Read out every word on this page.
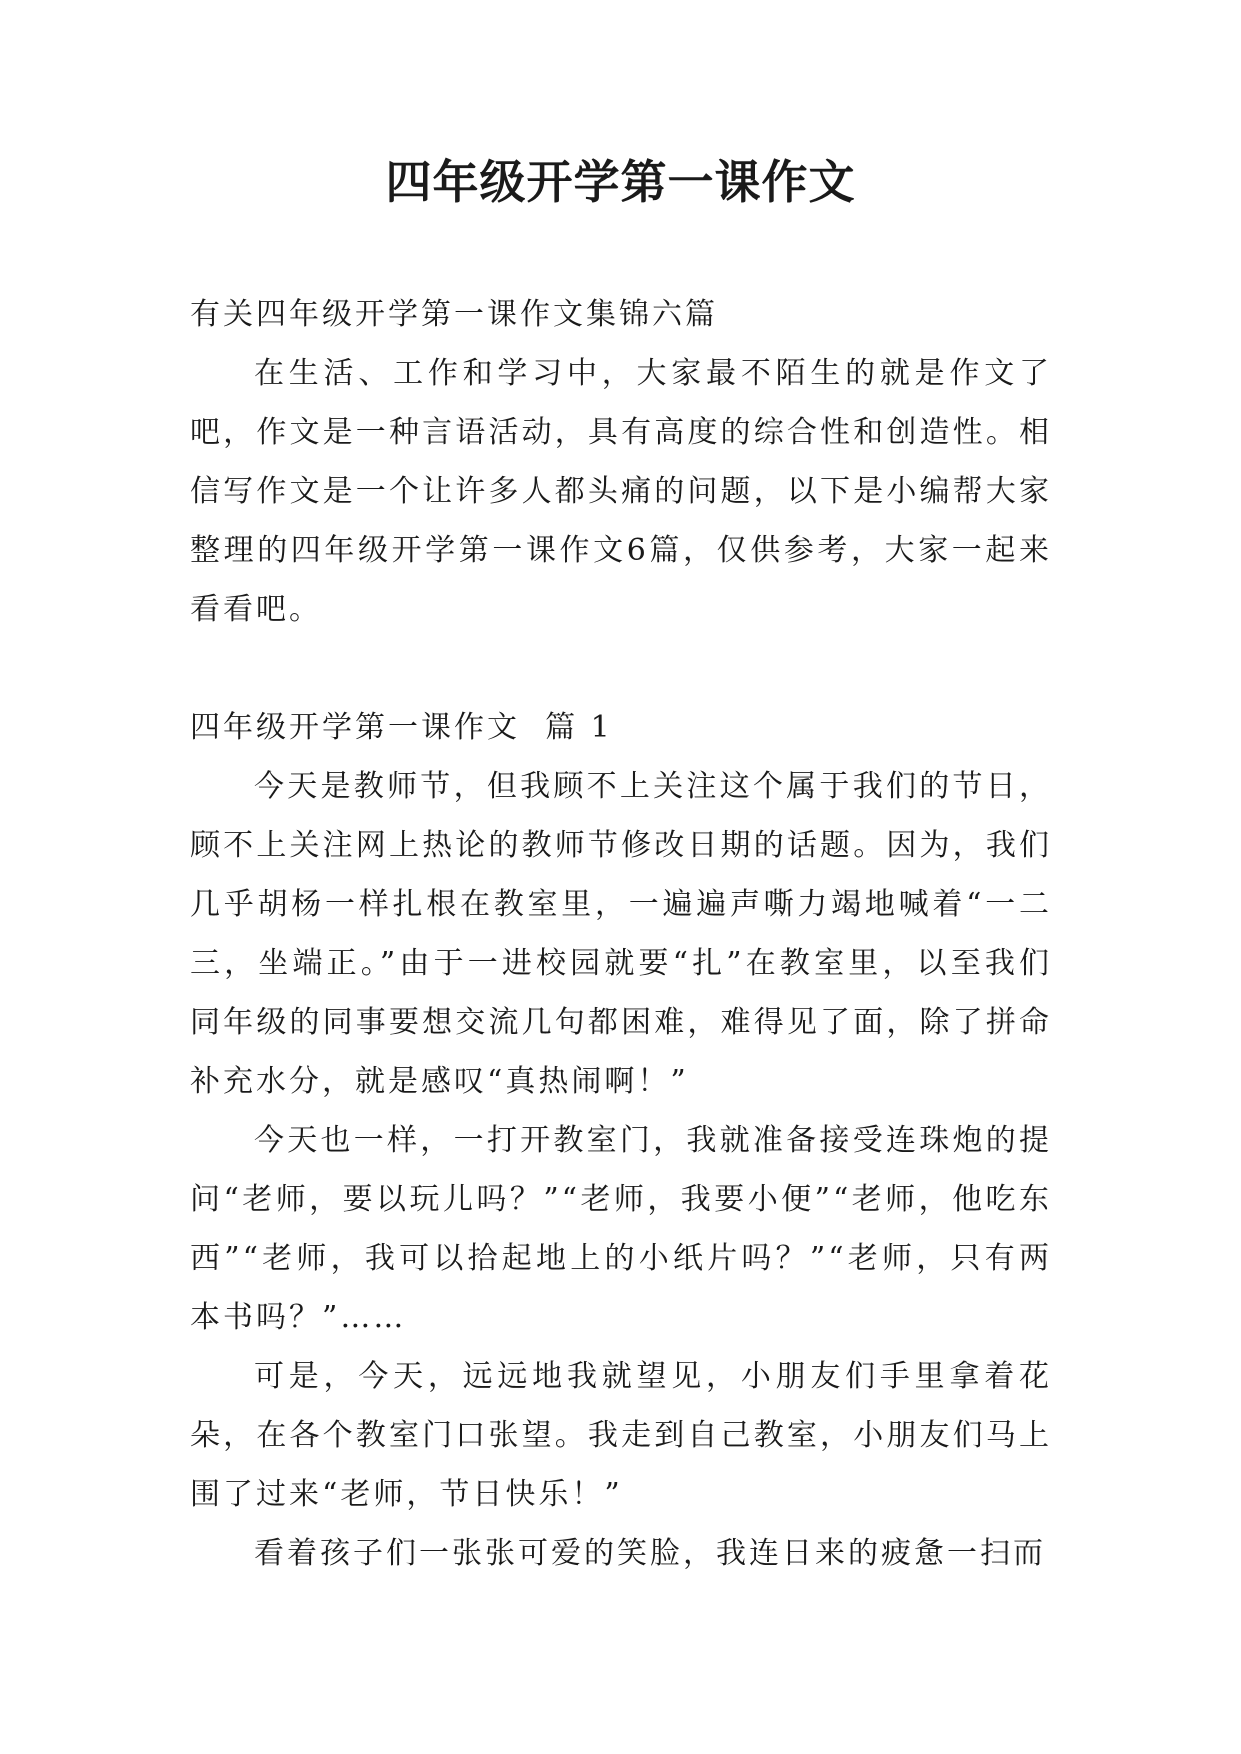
四年级开学第一课作文

有关四年级开学第一课作文集锦六篇

在生活、工作和学习中，大家最不陌生的就是作文了吧，作文是一种言语活动，具有高度的综合性和创造性。相信写作文是一个让许多人都头痛的问题，以下是小编帮大家整理的四年级开学第一课作文6篇，仅供参考，大家一起来看看吧。

四年级开学第一课作文  篇 1

今天是教师节，但我顾不上关注这个属于我们的节日，顾不上关注网上热论的教师节修改日期的话题。因为，我们几乎胡杨一样扎根在教室里，一遍遍声嘶力竭地喊着“一二三，坐端正。”由于一进校园就要“扎”在教室里，以至我们同年级的同事要想交流几句都困难，难得见了面，除了拼命补充水分，就是感叹“真热闹啊！”

今天也一样，一打开教室门，我就准备接受连珠炮的提问“老师，要以玩儿吗？”“老师，我要小便”“老师，他吃东西”“老师，我可以拾起地上的小纸片吗？”“老师，只有两本书吗？”……

可是，今天，远远地我就望见，小朋友们手里拿着花朵，在各个教室门口张望。我走到自己教室，小朋友们马上围了过来“老师，节日快乐！”

看着孩子们一张张可爱的笑脸，我连日来的疲惫一扫而
